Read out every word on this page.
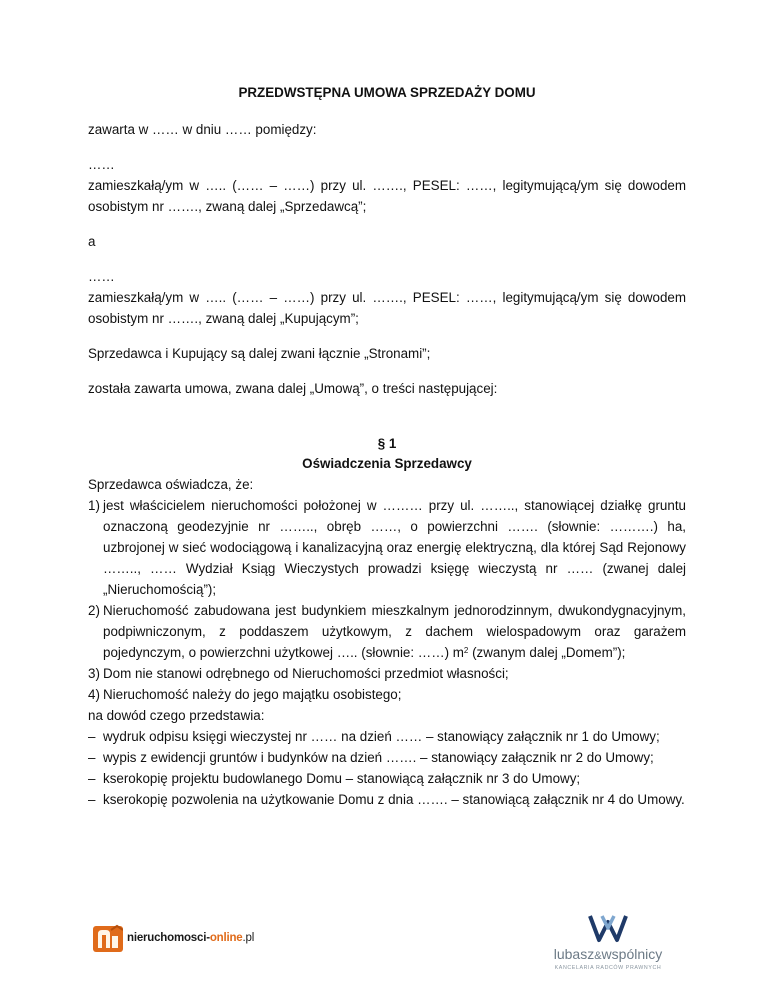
PRZEDWSTĘPNA UMOWA SPRZEDAŻY DOMU

zawarta w …… w dniu …… pomiędzy:

……

zamieszkałą/ym w ….. (…… – ……) przy ul. ……., PESEL: ……, legitymującą/ym się dowodem osobistym nr ……., zwaną dalej „Sprzedawcą”;

a

……

zamieszkałą/ym w ….. (…… – ……) przy ul. ……., PESEL: ……, legitymującą/ym się dowodem osobistym nr ……., zwaną dalej „Kupującym”;

Sprzedawca i Kupujący są dalej zwani łącznie „Stronami”;

została zawarta umowa, zwana dalej „Umową”, o treści następującej:

§ 1

Oświadczenia Sprzedawcy

Sprzedawca oświadcza, że:

1) jest właścicielem nieruchomości położonej w ……… przy ul. …….., stanowiącej działkę gruntu oznaczoną geodezyjnie nr …….., obręb ……, o powierzchni ……. (słownie: ……….) ha, uzbrojonej w sieć wodociągową i kanalizacyjną oraz energię elektryczną, dla której Sąd Rejonowy …….., …… Wydział Ksiąg Wieczystych prowadzi księgę wieczystą nr …… (zwanej dalej „Nieruchomością”);
2) Nieruchomość zabudowana jest budynkiem mieszkalnym jednorodzinnym, dwukondygnacyjnym, podpiwniczonym, z poddaszem użytkowym, z dachem wielospadowym oraz garażem pojedynczym, o powierzchni użytkowej ….. (słownie: ……) $m^2$ (zwanym dalej „Domem”);
3) Dom nie stanowi odrębnego od Nieruchomości przedmiot własności;
4) Nieruchomość należy do jego majątku osobistego;

na dowód czego przedstawia:

– wydruk odpisu księgi wieczystej nr …… na dzień …… – stanowiący załącznik nr 1 do Umowy;
– wypis z ewidencji gruntów i budynków na dzień ……. – stanowiący załącznik nr 2 do Umowy;
– kserokopię projektu budowlanego Domu – stanowiącą załącznik nr 3 do Umowy;
– kserokopię pozwolenia na użytkowanie Domu z dnia ……. – stanowiącą załącznik nr 4 do Umowy.
nieruchomosci-online.pl
lubasz&wspólnicy
KANCELARIA RADCÓW PRAWNYCH
